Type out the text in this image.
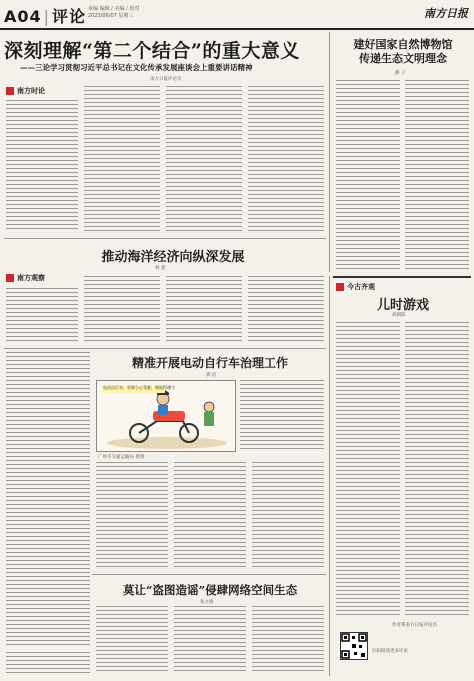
A04 | 评论 承编 编辑 / 美编 / 校对
2023/06/07 星期三	南方日报
深刻理解“第二个结合”的重大意义
——三论学习贯彻习近平总书记在文化传承发展座谈会上重要讲话精神
南方日报评论员
南方时论
建好国家自然博物馆
传递生态文明理念
静 子
推动海洋经济向纵深发展
林 超
南方观察
今古齐观
儿时游戏
胡朝阳
精准开展电动自行车治理工作
郭 洁
电动自行车，更需小心驾驶，规矩得遵守
广州市交通运输局 供图
莫让“盗图造谣”侵肆网络空间生态
张之瑜
作者系南方日报评论员
扫码阅读更多评论
